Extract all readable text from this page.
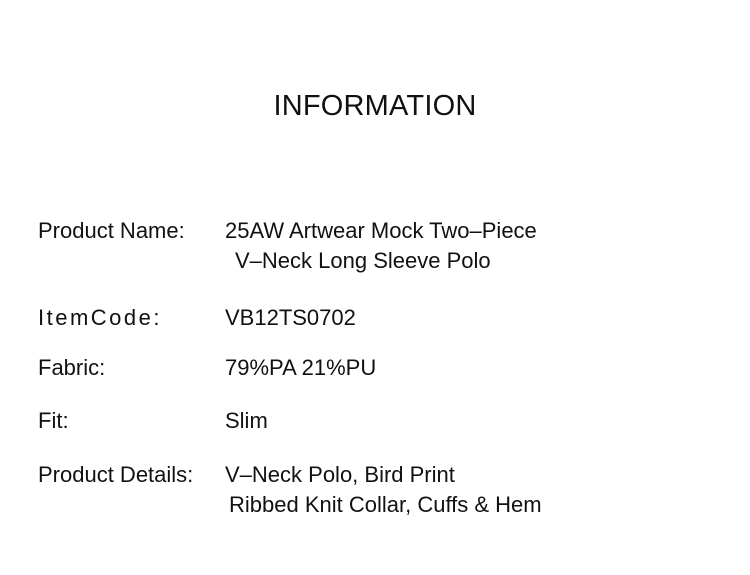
INFORMATION
Product Name:	25AW Artwear Mock Two–Piece
V–Neck Long Sleeve Polo
ItemCode:	VB12TS0702
Fabric:	79%PA 21%PU
Fit:	Slim
Product Details:	V–Neck Polo, Bird Print
Ribbed Knit Collar, Cuffs & Hem
